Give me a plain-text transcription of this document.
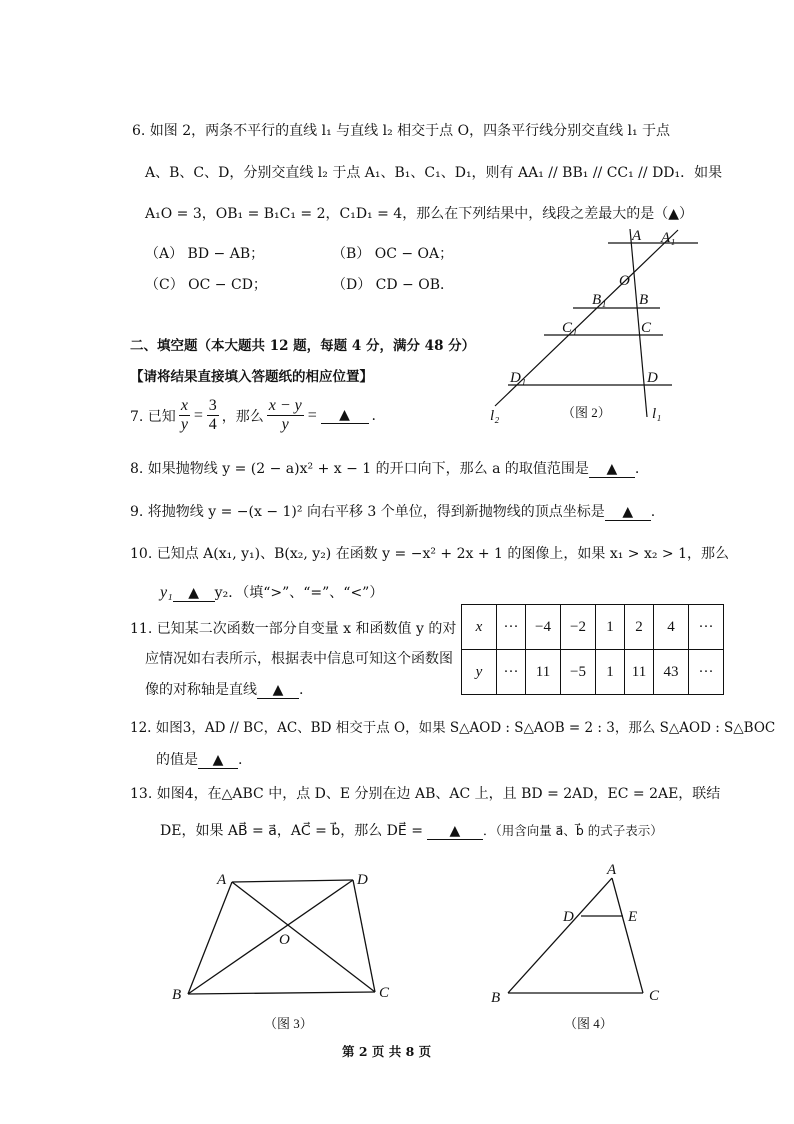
6. 如图 2，两条不平行的直线 l₁ 与直线 l₂ 相交于点 O，四条平行线分别交直线 l₁ 于点
A、B、C、D，分别交直线 l₂ 于点 A₁、B₁、C₁、D₁，则有 AA₁ // BB₁ // CC₁ // DD₁．如果
A₁O = 3，OB₁ = B₁C₁ = 2，C₁D₁ = 4，那么在下列结果中，线段之差最大的是（▲）
（A） BD − AB；	（B） OC − OA；
（C） OC − CD；	（D） CD − OB．
A A₁
O
B₁ B
C₁	C
D₁	D
l₂	l₁
（图 2）
二、填空题（本大题共 12 题，每题 4 分，满分 48 分）
【请将结果直接填入答题纸的相应位置】
7. 已知 $\frac{x}{y} = \frac{3}{4}$ ，那么 $\frac{x - y}{y}$ =	▲	.
8. 如果抛物线 y = (2 − a)x² + x − 1 的开口向下，那么 a 的取值范围是 ▲ .
9. 将抛物线 y = −(x − 1)² 向右平移 3 个单位，得到新抛物线的顶点坐标是 ▲ .
10. 已知点 A(x₁, y₁)、B(x₂, y₂) 在函数 y = −x² + 2x + 1 的图像上，如果 x₁ > x₂ > 1，那么
y₁ ▲ y₂．（填“>”、“=”、“<”）
11. 已知某二次函数一部分自变量 x 和函数值 y 的对
应情况如右表所示，根据表中信息可知这个函数图
像的对称轴是直线 ▲ .
x	···	−4	−2	1	2	4	···
y	···	11	−5	1	11	43	···
12. 如图3，AD // BC，AC、BD 相交于点 O，如果 S△AOD : S△AOB = 2 : 3，那么 S△AOD : S△BOC
的值是 ▲ .
13. 如图4，在△ABC 中，点 D、E 分别在边 AB、AC 上，且 BD = 2AD，EC = 2AE，联结
DE，如果 AB⃗ = a⃗，AC⃗ = b⃗，那么 DE⃗ = ▲ ．（用含向量 a⃗、b⃗ 的式子表示）
A	D
O
B	C
（图 3）
A
D	E
B	C
（图 4）
第 2 页 共 8 页
